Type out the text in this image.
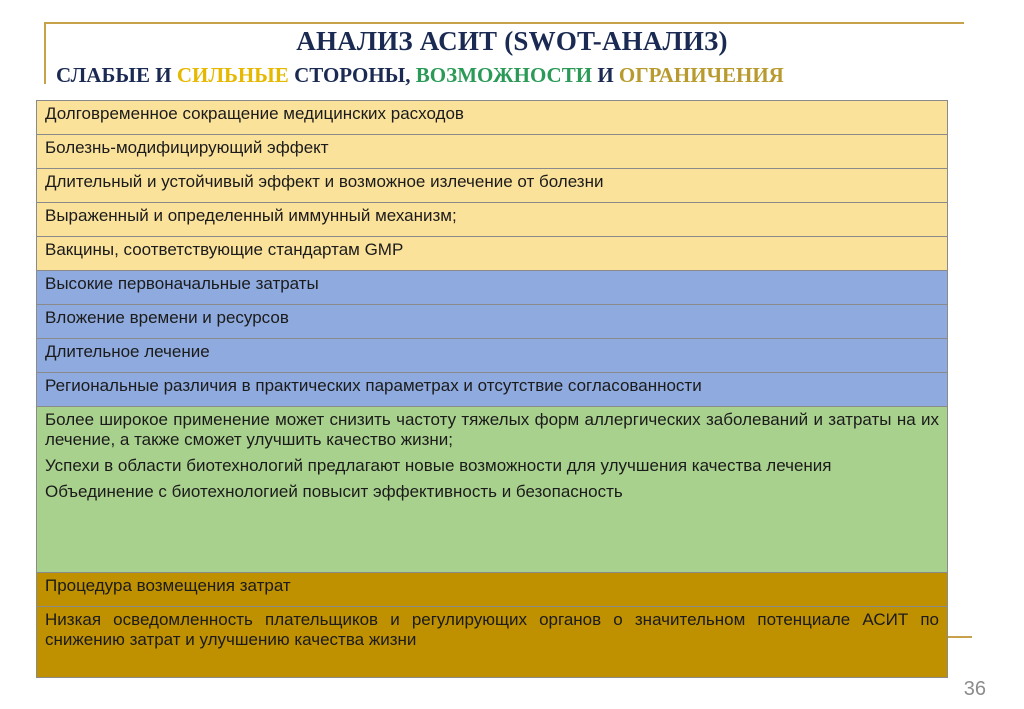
АНАЛИЗ АСИТ (SWOT-АНАЛИЗ)
СЛАБЫЕ И СИЛЬНЫЕ СТОРОНЫ, ВОЗМОЖНОСТИ И ОГРАНИЧЕНИЯ
Долговременное сокращение медицинских расходов
Болезнь-модифицирующий эффект
Длительный и устойчивый эффект и возможное излечение от болезни
Выраженный и определенный иммунный механизм;
Вакцины, соответствующие стандартам GMP
Высокие первоначальные затраты
Вложение времени и ресурсов
Длительное лечение
Региональные различия в практических параметрах и отсутствие согласованности

Более широкое применение может снизить частоту тяжелых форм аллергических заболеваний и затраты на их лечение, а также сможет улучшить качество жизни;

Успехи в области биотехнологий предлагают новые возможности для улучшения качества лечения

Объединение с биотехнологией повысит эффективность и безопасность

Процедура возмещения затрат
Низкая осведомленность плательщиков и регулирующих органов о значительном потенциале АСИТ по снижению затрат и улучшению качества жизни
36
